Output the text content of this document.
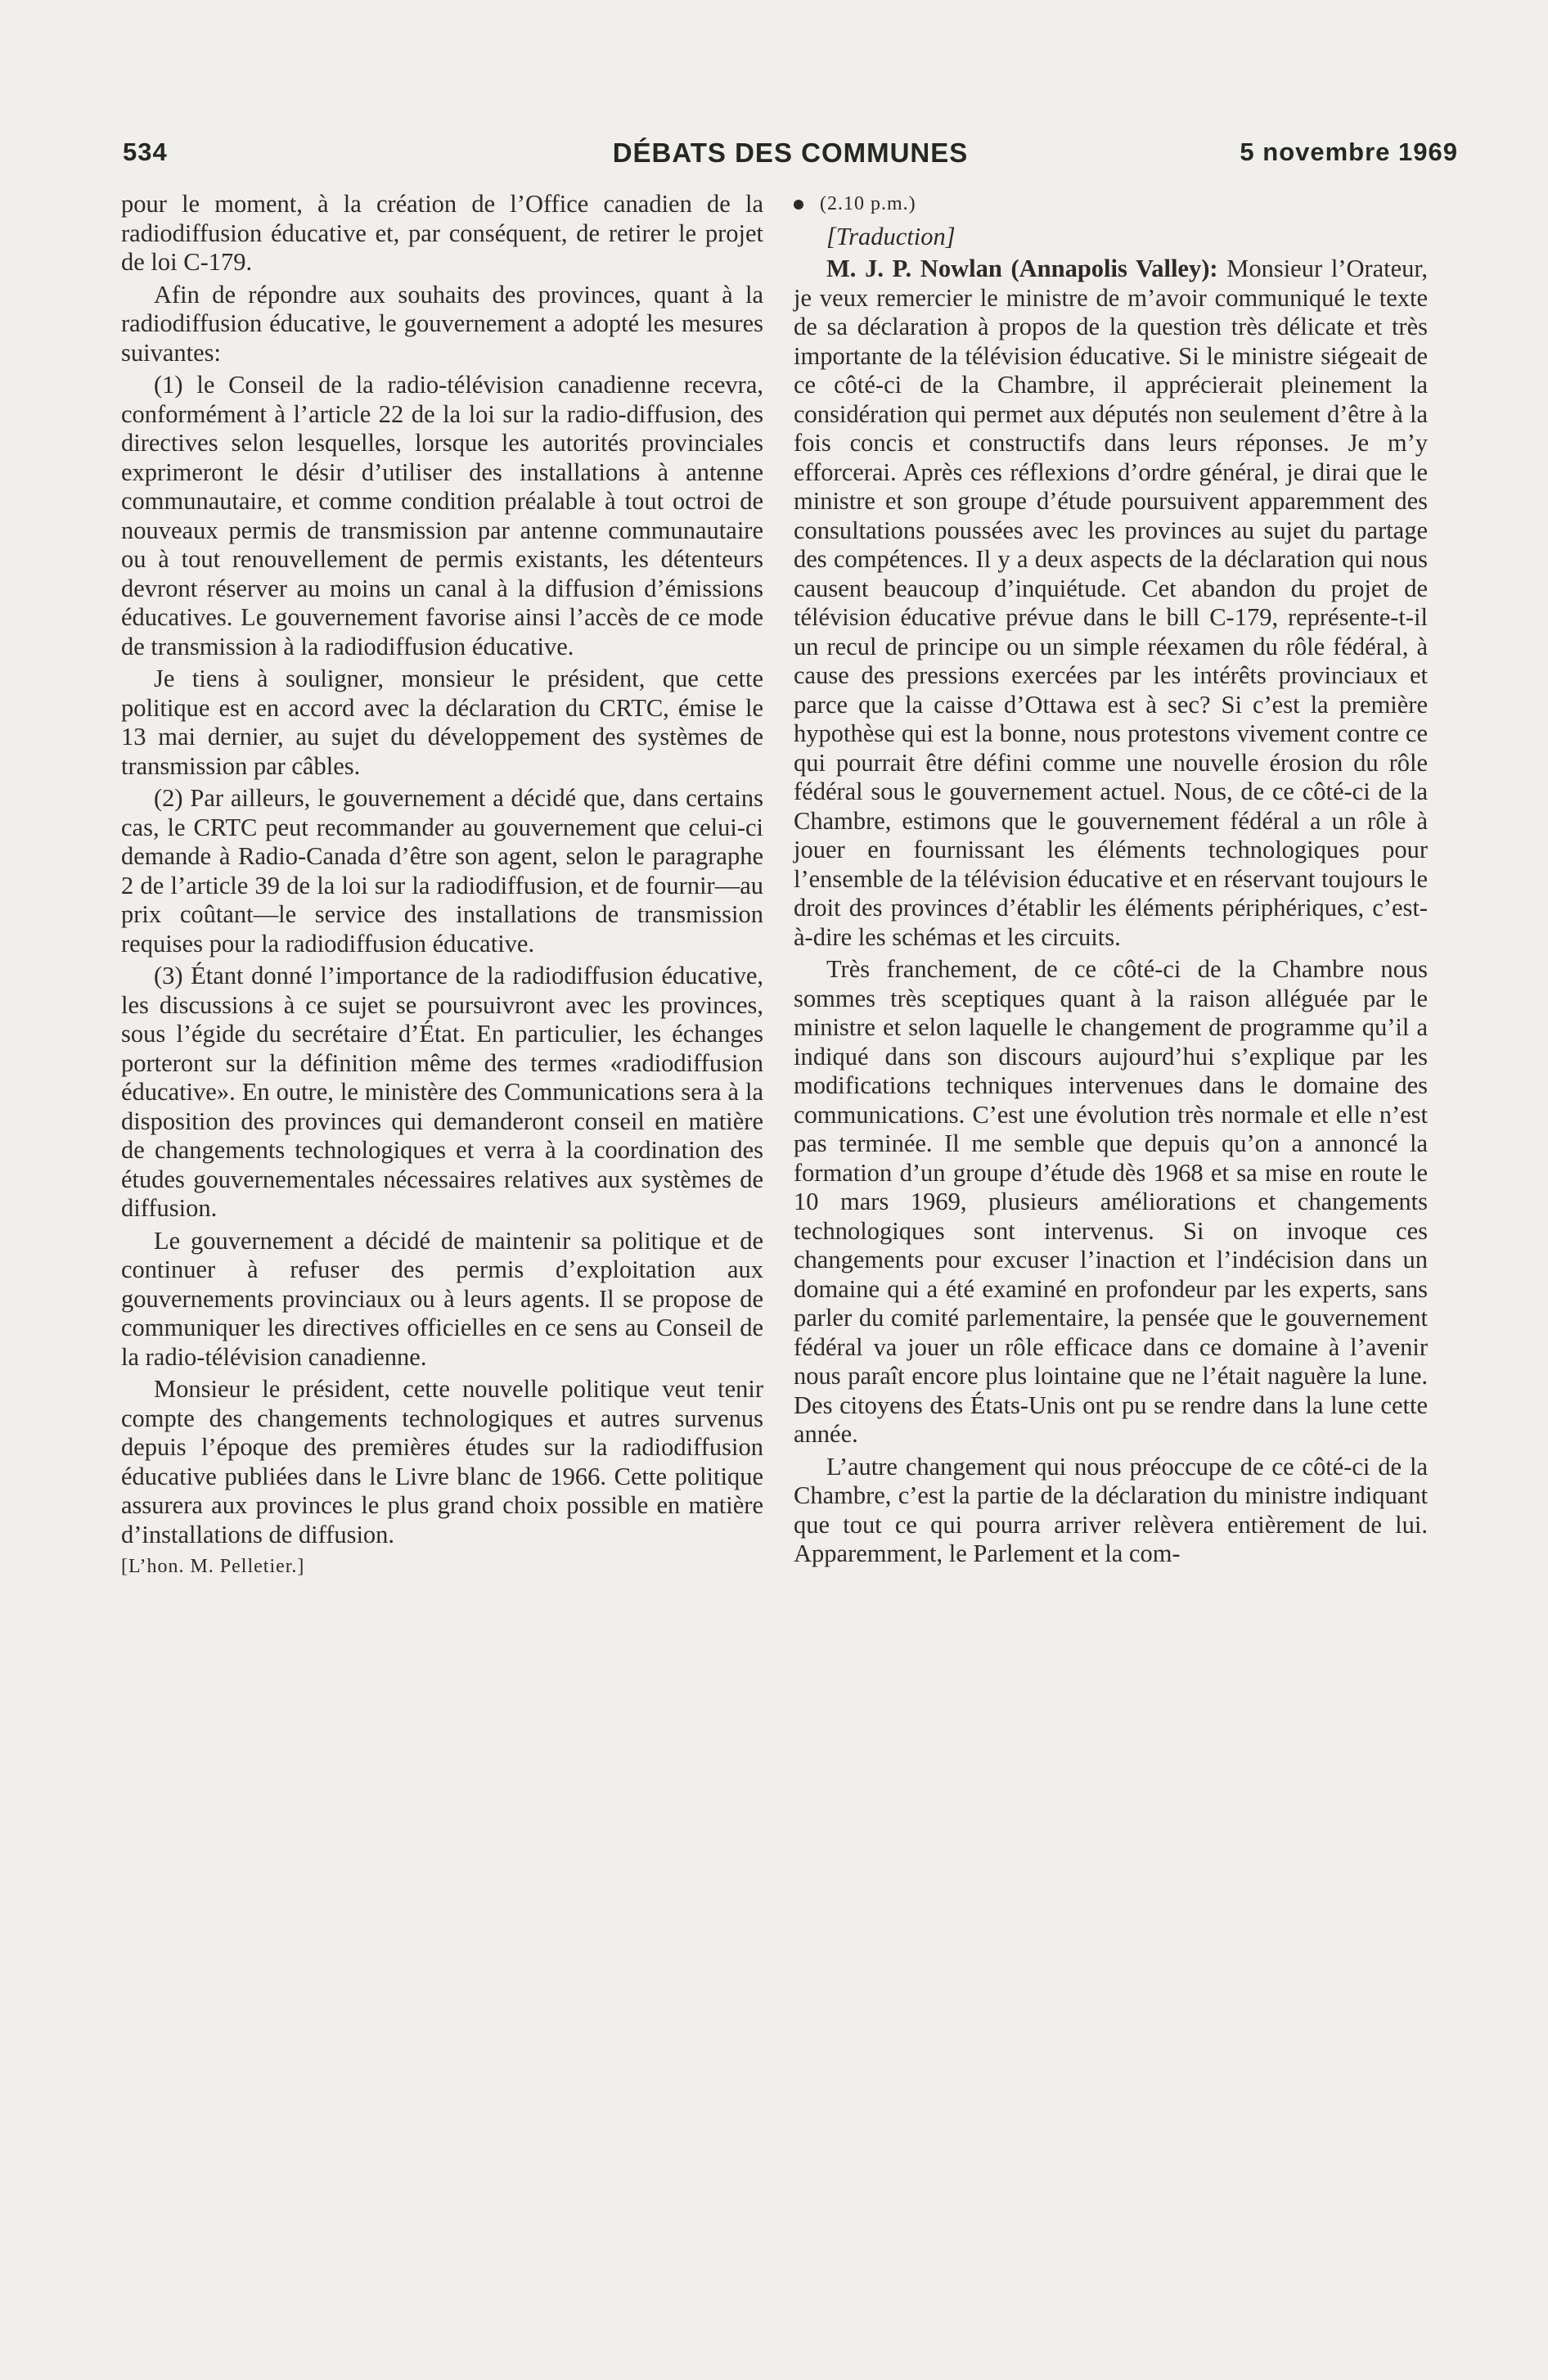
534	DÉBATS DES COMMUNES	5 novembre 1969

pour le moment, à la création de l’Office canadien de la radiodiffusion éducative et, par conséquent, de retirer le projet de loi C-179.

Afin de répondre aux souhaits des provinces, quant à la radiodiffusion éducative, le gouvernement a adopté les mesures suivantes:

(1) le Conseil de la radio-télévision canadienne recevra, conformément à l’article 22 de la loi sur la radio-diffusion, des directives selon lesquelles, lorsque les autorités provinciales exprimeront le désir d’utiliser des installations à antenne communautaire, et comme condition préalable à tout octroi de nouveaux permis de transmission par antenne communautaire ou à tout renouvellement de permis existants, les détenteurs devront réserver au moins un canal à la diffusion d’émissions éducatives. Le gouvernement favorise ainsi l’accès de ce mode de transmission à la radiodiffusion éducative.

Je tiens à souligner, monsieur le président, que cette politique est en accord avec la déclaration du CRTC, émise le 13 mai dernier, au sujet du développement des systèmes de transmission par câbles.

(2) Par ailleurs, le gouvernement a décidé que, dans certains cas, le CRTC peut recommander au gouvernement que celui-ci demande à Radio-Canada d’être son agent, selon le paragraphe 2 de l’article 39 de la loi sur la radiodiffusion, et de fournir—au prix coûtant—le service des installations de transmission requises pour la radiodiffusion éducative.

(3) Étant donné l’importance de la radiodiffusion éducative, les discussions à ce sujet se poursuivront avec les provinces, sous l’égide du secrétaire d’État. En particulier, les échanges porteront sur la définition même des termes «radiodiffusion éducative». En outre, le ministère des Communications sera à la disposition des provinces qui demanderont conseil en matière de changements technologiques et verra à la coordination des études gouvernementales nécessaires relatives aux systèmes de diffusion.

Le gouvernement a décidé de maintenir sa politique et de continuer à refuser des permis d’exploitation aux gouvernements provinciaux ou à leurs agents. Il se propose de communiquer les directives officielles en ce sens au Conseil de la radio-télévision canadienne.

Monsieur le président, cette nouvelle politique veut tenir compte des changements technologiques et autres survenus depuis l’époque des premières études sur la radiodiffusion éducative publiées dans le Livre blanc de 1966. Cette politique assurera aux provinces le plus grand choix possible en matière d’installations de diffusion.

[L’hon. M. Pelletier.]

(2.10 p.m.)

[Traduction]

M. J. P. Nowlan (Annapolis Valley): Monsieur l’Orateur, je veux remercier le ministre de m’avoir communiqué le texte de sa déclaration à propos de la question très délicate et très importante de la télévision éducative. Si le ministre siégeait de ce côté-ci de la Chambre, il apprécierait pleinement la considération qui permet aux députés non seulement d’être à la fois concis et constructifs dans leurs réponses. Je m’y efforcerai. Après ces réflexions d’ordre général, je dirai que le ministre et son groupe d’étude poursuivent apparemment des consultations poussées avec les provinces au sujet du partage des compétences. Il y a deux aspects de la déclaration qui nous causent beaucoup d’inquiétude. Cet abandon du projet de télévision éducative prévue dans le bill C-179, représente-t-il un recul de principe ou un simple réexamen du rôle fédéral, à cause des pressions exercées par les intérêts provinciaux et parce que la caisse d’Ottawa est à sec? Si c’est la première hypothèse qui est la bonne, nous protestons vivement contre ce qui pourrait être défini comme une nouvelle érosion du rôle fédéral sous le gouvernement actuel. Nous, de ce côté-ci de la Chambre, estimons que le gouvernement fédéral a un rôle à jouer en fournissant les éléments technologiques pour l’ensemble de la télévision éducative et en réservant toujours le droit des provinces d’établir les éléments périphériques, c’est-à-dire les schémas et les circuits.

Très franchement, de ce côté-ci de la Chambre nous sommes très sceptiques quant à la raison alléguée par le ministre et selon laquelle le changement de programme qu’il a indiqué dans son discours aujourd’hui s’explique par les modifications techniques intervenues dans le domaine des communications. C’est une évolution très normale et elle n’est pas terminée. Il me semble que depuis qu’on a annoncé la formation d’un groupe d’étude dès 1968 et sa mise en route le 10 mars 1969, plusieurs améliorations et changements technologiques sont intervenus. Si on invoque ces changements pour excuser l’inaction et l’indécision dans un domaine qui a été examiné en profondeur par les experts, sans parler du comité parlementaire, la pensée que le gouvernement fédéral va jouer un rôle efficace dans ce domaine à l’avenir nous paraît encore plus lointaine que ne l’était naguère la lune. Des citoyens des États-Unis ont pu se rendre dans la lune cette année.

L’autre changement qui nous préoccupe de ce côté-ci de la Chambre, c’est la partie de la déclaration du ministre indiquant que tout ce qui pourra arriver relèvera entièrement de lui. Apparemment, le Parlement et la com-
